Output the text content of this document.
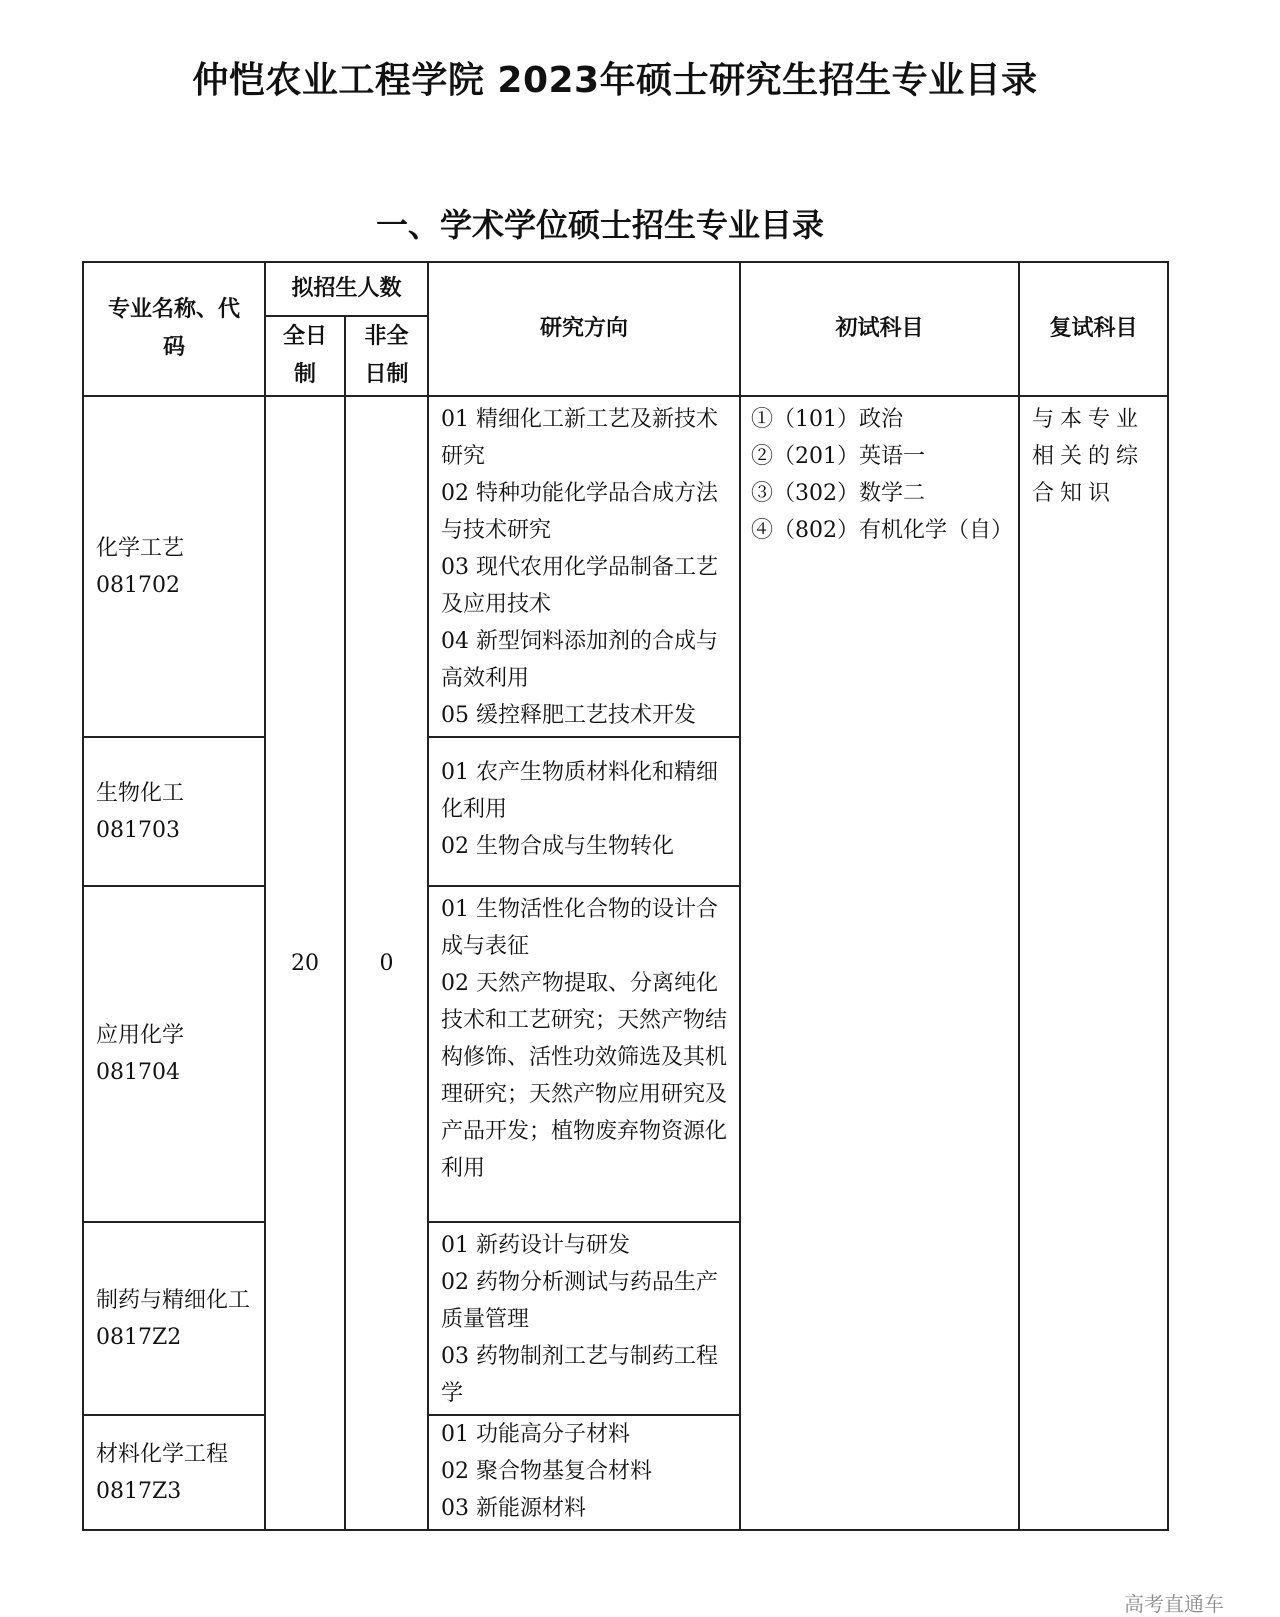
仲恺农业工程学院 2023年硕士研究生招生专业目录
一、学术学位硕士招生专业目录
专业名称、代码	拟招生人数		研究方向	初试科目	复试科目

	全日制	非全日制			

化学工艺
081702	20	0	01 精细化工新工艺及新技术研究
02 特种功能化学品合成方法与技术研究
03 现代农用化学品制备工艺及应用技术
04 新型饲料添加剂的合成与高效利用
05 缓控释肥工艺技术开发	①（101）政治
②（201）英语一
③（302）数学二
④（802）有机化学（自）	与本专业相关的综合知识

生物化工
081703			01 农产生物质材料化和精细化利用
02 生物合成与生物转化		

应用化学
081704			01 生物活性化合物的设计合成与表征
02 天然产物提取、分离纯化技术和工艺研究；天然产物结构修饰、活性功效筛选及其机理研究；天然产物应用研究及产品开发；植物废弃物资源化利用		

制药与精细化工
0817Z2			01 新药设计与研发
02 药物分析测试与药品生产质量管理
03 药物制剂工艺与制药工程学		

材料化学工程
0817Z3			01 功能高分子材料
02 聚合物基复合材料
03 新能源材料		
高考直通车
